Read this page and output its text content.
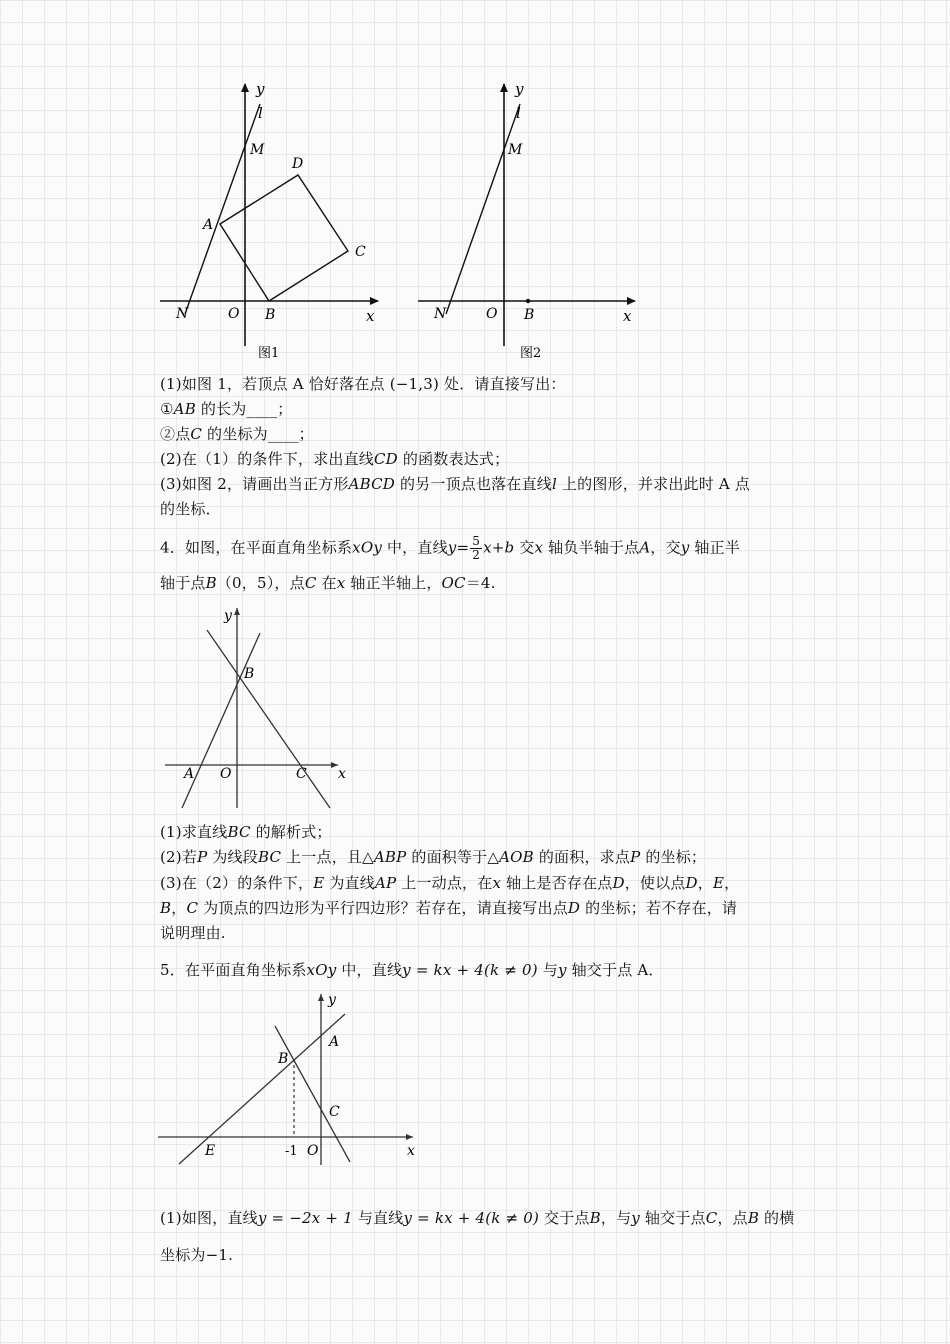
y
l
M
D
A
C
N	O B	x
图1
y
l
M
N	O B	x
图2
(1)如图 1，若顶点 A 恰好落在点 (−1,3) 处．请直接写出：
①AB 的长为____；
②点C 的坐标为____；
(2)在（1）的条件下，求出直线CD 的函数表达式；
(3)如图 2，请画出当正方形ABCD 的另一顶点也落在直线l 上的图形，并求出此时 A 点
的坐标．
4．如图，在平面直角坐标系xOy 中，直线$y= \frac{5}{2} x+b$ 交x 轴负半轴于点A，交y 轴正半
轴于点B（0，5），点C 在x 轴正半轴上，OC＝4.
y
B
A O	C x
(1)求直线BC 的解析式；
(2)若P 为线段BC 上一点，且△ABP 的面积等于△AOB 的面积，求点P 的坐标；
(3)在（2）的条件下，E 为直线AP 上一动点，在x 轴上是否存在点D，使以点D，E，
B，C 为顶点的四边形为平行四边形？若存在，请直接写出点D 的坐标；若不存在，请
说明理由.
5．在平面直角坐标系xOy 中，直线y = kx + 4(k ≠ 0) 与y 轴交于点 A．
y
A
B
C
E	-1 O	x
(1)如图，直线y = −2x + 1 与直线y = kx + 4(k ≠ 0) 交于点B，与y 轴交于点C，点B 的横
坐标为−1.
